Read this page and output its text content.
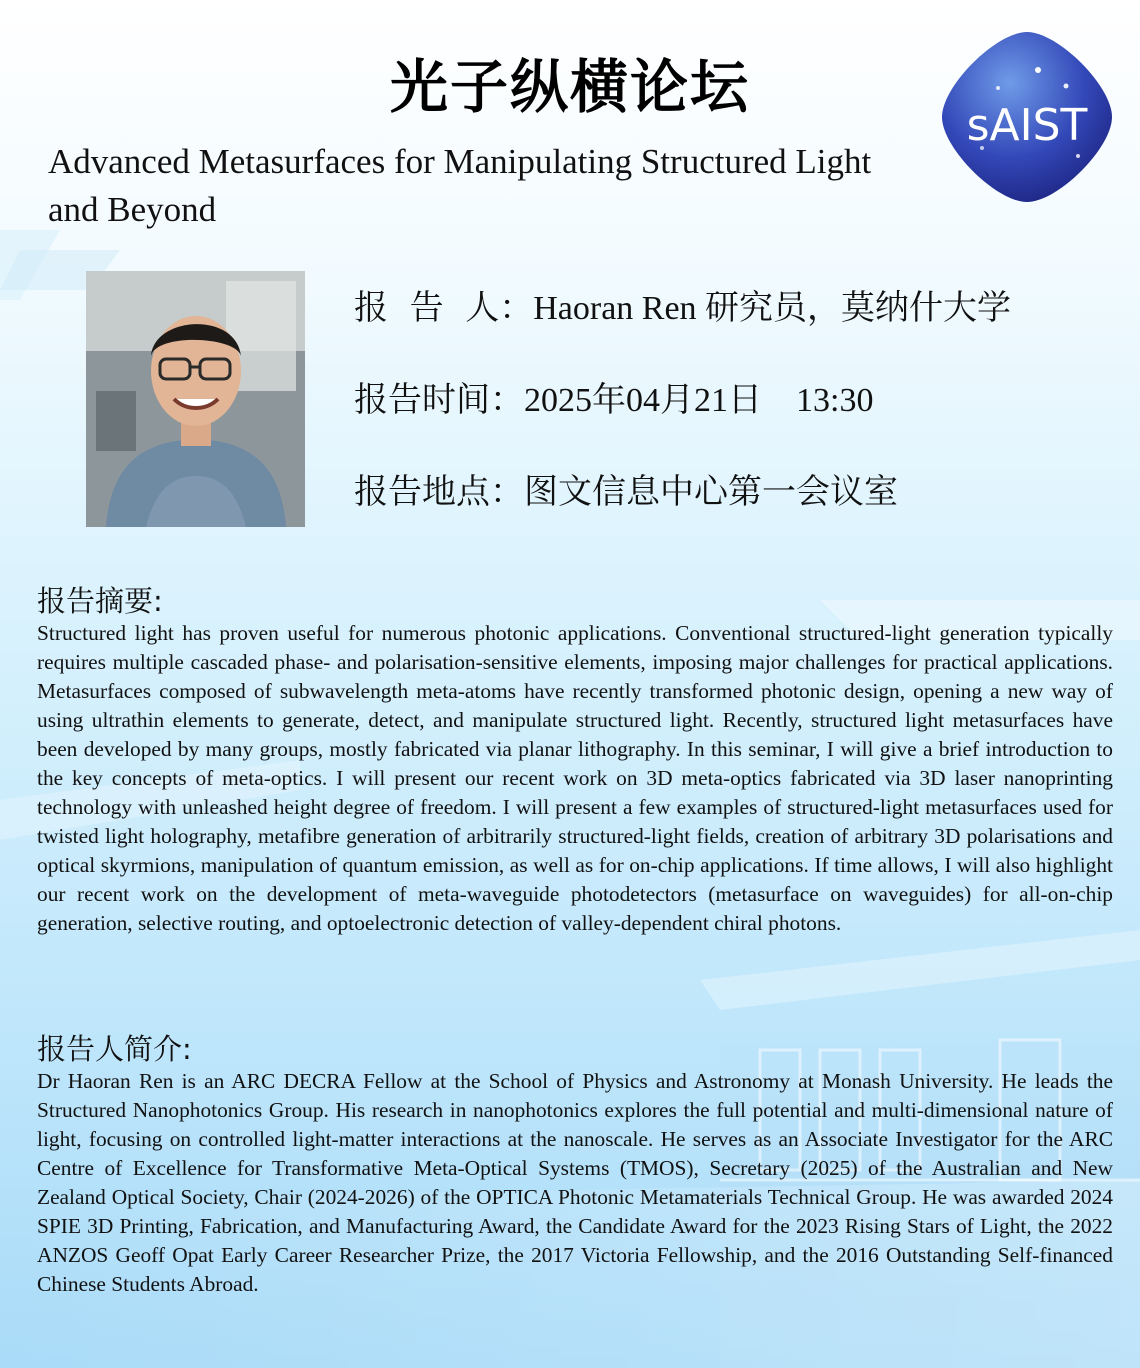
光子纵横论坛
Advanced Metasurfaces for Manipulating Structured Light and Beyond
sAIST
报  告  人：Haoran Ren 研究员，莫纳什大学
报告时间：2025年04月21日    13:30
报告地点：图文信息中心第一会议室
报告摘要:

Structured light has proven useful for numerous photonic applications. Conventional structured-light generation typically requires multiple cascaded phase- and polarisation-sensitive elements, imposing major challenges for practical applications. Metasurfaces composed of subwavelength meta-atoms have recently transformed photonic design, opening a new way of using ultrathin elements to generate, detect, and manipulate structured light. Recently, structured light metasurfaces have been developed by many groups, mostly fabricated via planar lithography. In this seminar, I will give a brief introduction to the key concepts of meta-optics. I will present our recent work on 3D meta-optics fabricated via 3D laser nanoprinting technology with unleashed height degree of freedom. I will present a few examples of structured-light metasurfaces used for twisted light holography, metafibre generation of arbitrarily structured-light fields, creation of arbitrary 3D polarisations and optical skyrmions, manipulation of quantum emission, as well as for on-chip applications. If time allows, I will also highlight our recent work on the development of meta-waveguide photodetectors (metasurface on waveguides) for all-on-chip generation, selective routing, and optoelectronic detection of valley-dependent chiral photons.

报告人简介:

Dr Haoran Ren is an ARC DECRA Fellow at the School of Physics and Astronomy at Monash University. He leads the Structured Nanophotonics Group. His research in nanophotonics explores the full potential and multi-dimensional nature of light, focusing on controlled light-matter interactions at the nanoscale. He serves as an Associate Investigator for the ARC Centre of Excellence for Transformative Meta-Optical Systems (TMOS), Secretary (2025) of the Australian and New Zealand Optical Society, Chair (2024-2026) of the OPTICA Photonic Metamaterials Technical Group. He was awarded 2024 SPIE 3D Printing, Fabrication, and Manufacturing Award, the Candidate Award for the 2023 Rising Stars of Light, the 2022 ANZOS Geoff Opat Early Career Researcher Prize, the 2017 Victoria Fellowship, and the 2016 Outstanding Self-financed Chinese Students Abroad.
